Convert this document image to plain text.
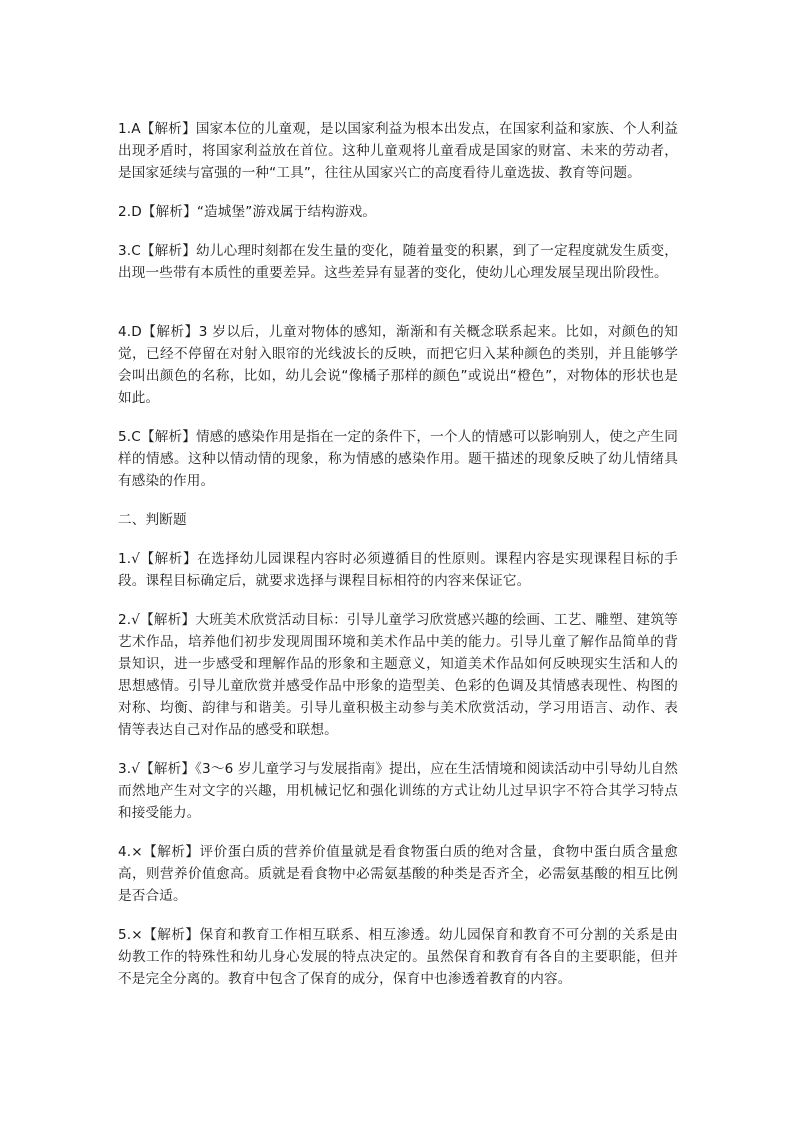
1.A【解析】国家本位的儿童观，是以国家利益为根本出发点，在国家利益和家族、个人利益出现矛盾时，将国家利益放在首位。这种儿童观将儿童看成是国家的财富、未来的劳动者，是国家延续与富强的一种“工具”，往往从国家兴亡的高度看待儿童选拔、教育等问题。

2.D【解析】“造城堡”游戏属于结构游戏。

3.C【解析】幼儿心理时刻都在发生量的变化，随着量变的积累，到了一定程度就发生质变，出现一些带有本质性的重要差异。这些差异有显著的变化，使幼儿心理发展呈现出阶段性。

4.D【解析】3 岁以后，儿童对物体的感知，渐渐和有关概念联系起来。比如，对颜色的知觉，已经不停留在对射入眼帘的光线波长的反映，而把它归入某种颜色的类别，并且能够学会叫出颜色的名称，比如，幼儿会说“像橘子那样的颜色”或说出“橙色”，对物体的形状也是如此。

5.C【解析】情感的感染作用是指在一定的条件下，一个人的情感可以影响别人，使之产生同样的情感。这种以情动情的现象，称为情感的感染作用。题干描述的现象反映了幼儿情绪具有感染的作用。

二、判断题

1.√【解析】在选择幼儿园课程内容时必须遵循目的性原则。课程内容是实现课程目标的手段。课程目标确定后，就要求选择与课程目标相符的内容来保证它。

2.√【解析】大班美术欣赏活动目标：引导儿童学习欣赏感兴趣的绘画、工艺、雕塑、建筑等艺术作品，培养他们初步发现周围环境和美术作品中美的能力。引导儿童了解作品简单的背景知识，进一步感受和理解作品的形象和主题意义，知道美术作品如何反映现实生活和人的思想感情。引导儿童欣赏并感受作品中形象的造型美、色彩的色调及其情感表现性、构图的对称、均衡、韵律与和谐美。引导儿童积极主动参与美术欣赏活动，学习用语言、动作、表情等表达自己对作品的感受和联想。

3.√【解析】《3～6 岁儿童学习与发展指南》提出，应在生活情境和阅读活动中引导幼儿自然而然地产生对文字的兴趣，用机械记忆和强化训练的方式让幼儿过早识字不符合其学习特点和接受能力。

4.×【解析】评价蛋白质的营养价值量就是看食物蛋白质的绝对含量，食物中蛋白质含量愈高，则营养价值愈高。质就是看食物中必需氨基酸的种类是否齐全，必需氨基酸的相互比例是否合适。

5.×【解析】保育和教育工作相互联系、相互渗透。幼儿园保育和教育不可分割的关系是由幼教工作的特殊性和幼儿身心发展的特点决定的。虽然保育和教育有各自的主要职能，但并不是完全分离的。教育中包含了保育的成分，保育中也渗透着教育的内容。
